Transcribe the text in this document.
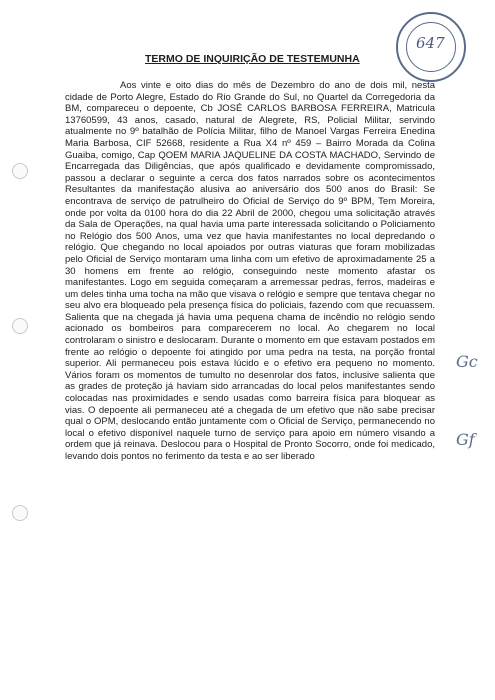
647
Gc
Gf
TERMO DE INQUIRIÇÃO DE TESTEMUNHA

Aos vinte e oito dias do mês de Dezembro do ano de dois mil, nesta cidade de Porto Alegre, Estado do Rio Grande do Sul, no Quartel da Corregedoria da BM, compareceu o depoente, Cb JOSÉ CARLOS BARBOSA FERREIRA, Matricula 13760599, 43 anos, casado, natural de Alegrete, RS, Policial Militar, servindo atualmente no 9º batalhão de Polícia Militar, filho de Manoel Vargas Ferreira Enedina Maria Barbosa, CIF 52668, residente a Rua X4 nº 459 – Bairro Morada da Colina Guaiba, comigo, Cap QOEM MARIA JAQUELINE DA COSTA MACHADO, Servindo de Encarregada das Diligências, que após qualificado e devidamente compromissado, passou a declarar o seguinte a cerca dos fatos narrados sobre os acontecimentos Resultantes da manifestação alusiva ao aniversário dos 500 anos do Brasil: Se encontrava de serviço de patrulheiro do Oficial de Serviço do 9º BPM, Tem Moreira, onde por volta da 0100 hora do dia 22 Abril de 2000, chegou uma solicitação através da Sala de Operações, na qual havia uma parte interessada solicitando o Policiamento no Relógio dos 500 Anos, uma vez que havia manifestantes no local depredando o relógio. Que chegando no local apoiados por outras viaturas que foram mobilizadas pelo Oficial de Serviço montaram uma linha com um efetivo de aproximadamente 25 a 30 homens em frente ao relógio, conseguindo neste momento afastar os manifestantes. Logo em seguida começaram a arremessar pedras, ferros, madeiras e um deles tinha uma tocha na mão que visava o relógio e sempre que tentava chegar no seu alvo era bloqueado pela presença física do policiais, fazendo com que recuassem. Salienta que na chegada já havia uma pequena chama de incêndio no relógio sendo acionado os bombeiros para comparecerem no local. Ao chegarem no local controlaram o sinistro e deslocaram. Durante o momento em que estavam postados em frente ao relógio o depoente foi atingido por uma pedra na testa, na porção frontal superior. Ali permaneceu pois estava lúcido e o efetivo era pequeno no momento. Vários foram os momentos de tumulto no desenrolar dos fatos, inclusive salienta que as grades de proteção já haviam sido arrancadas do local pelos manifestantes sendo colocadas nas proximidades e sendo usadas como barreira física para bloquear as vias. O depoente ali permaneceu até a chegada de um efetivo que não sabe precisar qual o OPM, deslocando então juntamente com o Oficial de Serviço, permanecendo no local o efetivo disponível naquele turno de serviço para apoio em número visando a ordem que já reinava. Deslocou para o Hospital de Pronto Socorro, onde foi medicado, levando dois pontos no ferimento da testa e ao ser liberado
